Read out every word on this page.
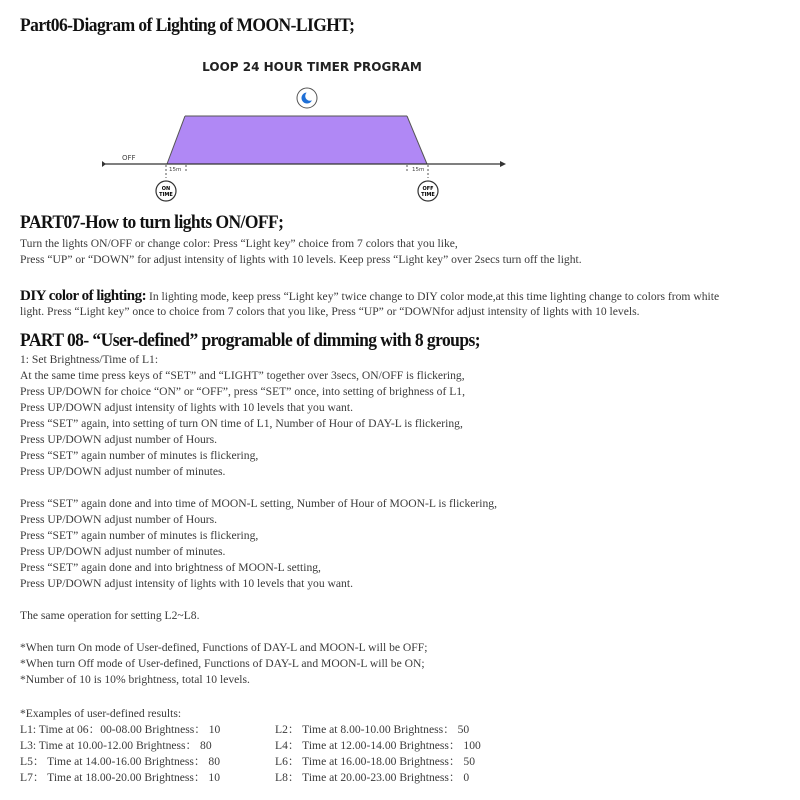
Part06-Diagram of Lighting of MOON-LIGHT;
LOOP 24 HOUR TIMER PROGRAM
OFF
15m	15m
ON
TIME
OFF
TIME
PART07-How to turn lights ON/OFF;
Turn the lights ON/OFF or change color: Press “Light key” choice from 7 colors that you like,
Press “UP” or “DOWN” for adjust intensity of lights with 10 levels. Keep press “Light key” over 2secs turn off the light.
DIY color of lighting: In lighting mode, keep press “Light key” twice change to DIY color mode,at this time lighting change to colors from white
light. Press “Light key” once to choice from 7 colors that you like, Press “UP” or “DOWNfor adjust intensity of lights with 10 levels.
PART 08- “User-defined” programable of dimming with 8 groups;
1: Set Brightness/Time of L1:
At the same time press keys of “SET” and “LIGHT” together over 3secs, ON/OFF is flickering,
Press UP/DOWN for choice “ON” or “OFF”, press “SET” once, into setting of brighness of L1,
Press UP/DOWN adjust intensity of lights with 10 levels that you want.
Press “SET” again, into setting of turn ON time of L1, Number of Hour of DAY-L is flickering,
Press UP/DOWN adjust number of Hours.
Press “SET” again number of minutes is flickering,
Press UP/DOWN adjust number of minutes.
Press “SET” again done and into time of MOON-L setting, Number of Hour of MOON-L is flickering,
Press UP/DOWN adjust number of Hours.
Press “SET” again number of minutes is flickering,
Press UP/DOWN adjust number of minutes.
Press “SET” again done and into brightness of MOON-L setting,
Press UP/DOWN adjust intensity of lights with 10 levels that you want.
The same operation for setting L2~L8.
*When turn On mode of User-defined, Functions of DAY-L and MOON-L will be OFF;
*When turn Off mode of User-defined, Functions of DAY-L and MOON-L will be ON;
*Number of 10 is 10% brightness, total 10 levels.
*Examples of user-defined results:
L1: Time at 06：00-08.00 Brightness： 10	L2： Time at 8.00-10.00 Brightness： 50
L3: Time at 10.00-12.00 Brightness： 80	L4： Time at 12.00-14.00 Brightness： 100
L5： Time at 14.00-16.00 Brightness： 80	L6： Time at 16.00-18.00 Brightness： 50
L7： Time at 18.00-20.00 Brightness： 10	L8： Time at 20.00-23.00 Brightness： 0
